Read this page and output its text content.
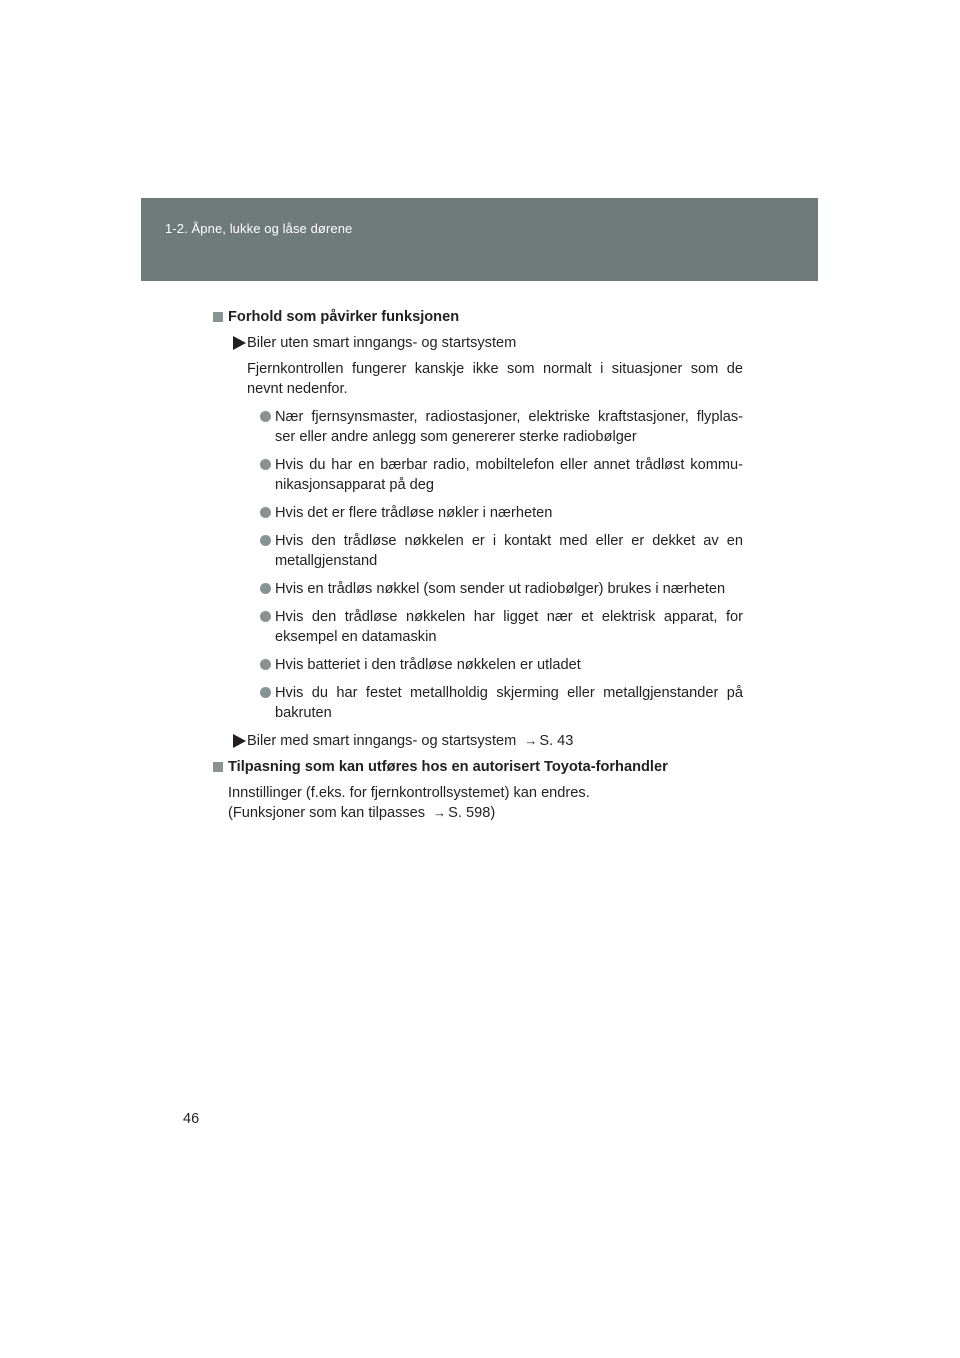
1-2. Åpne, lukke og låse dørene
Forhold som påvirker funksjonen
Biler uten smart inngangs- og startsystem

Fjernkontrollen fungerer kanskje ikke som normalt i situasjoner som de nevnt nedenfor.

Nær fjernsynsmaster, radiostasjoner, elektriske kraftstasjoner, flyplas- ser eller andre anlegg som genererer sterke radiobølger
Hvis du har en bærbar radio, mobiltelefon eller annet trådløst kommu- nikasjonsapparat på deg
Hvis det er flere trådløse nøkler i nærheten
Hvis den trådløse nøkkelen er i kontakt med eller er dekket av en metallgjenstand
Hvis en trådløs nøkkel (som sender ut radiobølger) brukes i nærheten
Hvis den trådløse nøkkelen har ligget nær et elektrisk apparat, for eksempel en datamaskin
Hvis batteriet i den trådløse nøkkelen er utladet
Hvis du har festet metallholdig skjerming eller metallgjenstander på bakruten
Biler med smart inngangs- og startsystem → S. 43
Tilpasning som kan utføres hos en autorisert Toyota-forhandler

Innstillinger (f.eks. for fjernkontrollsystemet) kan endres.

(Funksjoner som kan tilpasses → S. 598)

46
